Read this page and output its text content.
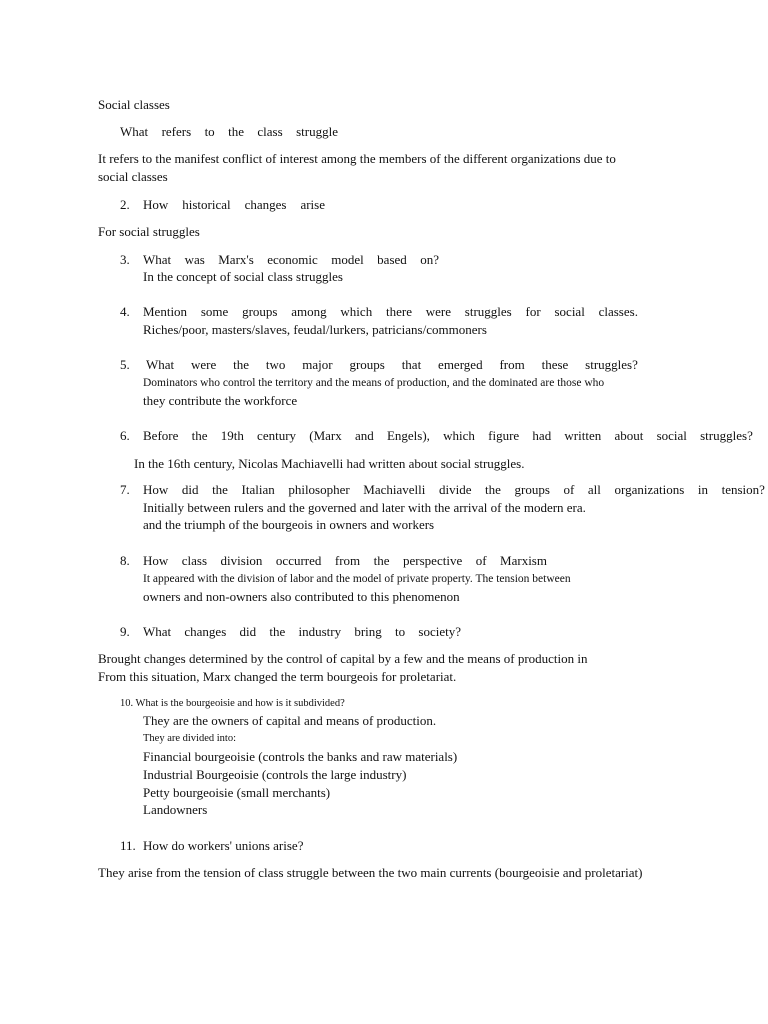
Social classes
What refers to the class struggle
It refers to the manifest conflict of interest among the members of the different organizations due to
social classes
2. How historical changes arise
For social struggles
3. What was Marx's economic model based on?
In the concept of social class struggles
4. Mention some groups among which there were struggles for social classes.
Riches/poor, masters/slaves, feudal/lurkers, patricians/commoners
5. What were the two major groups that emerged from these struggles?
Dominators who control the territory and the means of production, and the dominated are those who
they contribute the workforce
6. Before the 19th century (Marx and Engels), which figure had written about social struggles?
In the 16th century, Nicolas Machiavelli had written about social struggles.
7. How did the Italian philosopher Machiavelli divide the groups of all organizations in tension?
Initially between rulers and the governed and later with the arrival of the modern era.
and the triumph of the bourgeois in owners and workers
8. How class division occurred from the perspective of Marxism
It appeared with the division of labor and the model of private property. The tension between
owners and non-owners also contributed to this phenomenon
9. What changes did the industry bring to society?
Brought changes determined by the control of capital by a few and the means of production in
From this situation, Marx changed the term bourgeois for proletariat.
10. What is the bourgeoisie and how is it subdivided?
They are the owners of capital and means of production.
They are divided into:
Financial bourgeoisie (controls the banks and raw materials)
Industrial Bourgeoisie (controls the large industry)
Petty bourgeoisie (small merchants)
Landowners
11. How do workers' unions arise?
They arise from the tension of class struggle between the two main currents (bourgeoisie and proletariat)
